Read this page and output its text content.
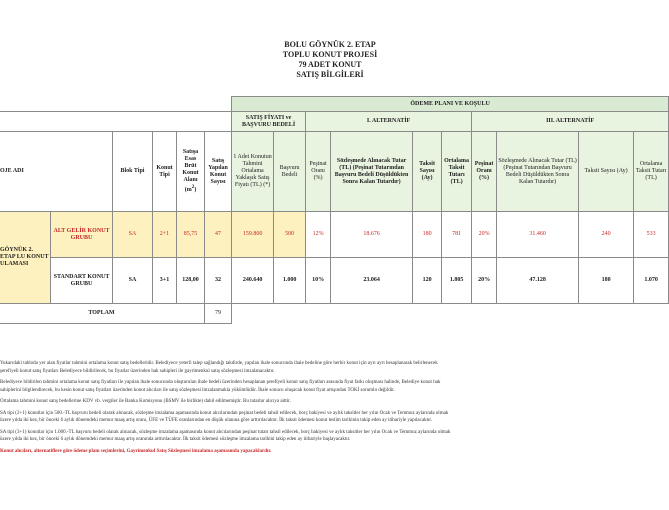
BOLU GÖYNÜK 2. ETAP
TOPLU KONUT PROJESİ
79 ADET KONUT
SATIŞ BİLGİLERİ
						ÖDEME PLANI VE KOŞULU									
						SATIŞ FİYATI ve BAŞVURU BEDELİ		I. ALTERNATİF				III. ALTERNATİF			
OJE ADI		Blok Tipi	Konut Tipi	Satışa Esas Brüt Konut Alanı $(m^2)$	Satış Yapılan Konut Sayısı	1 Adet Konutun Tahmini Ortalama Yaklaşık Satış Fiyatı (TL) (*)	Başvuru Bedeli	Peşinat Oranı (%)	Sözleşmede Alınacak Tutar (TL) (Peşinat Tutarından Başvuru Bedeli Düşüldükten Sonra Kalan Tutardır)	Taksit Sayısı (Ay)	Ortalama Taksit Tutarı (TL)	Peşinat Oranı (%)	Sözleşmede Alınacak Tutar (TL) (Peşinat Tutarından Başvuru Bedeli Düşüldükten Sonra Kalan Tutardır)	Taksit Sayısı (Ay)	Ortalama Taksit Tutarı (TL)
GÖYNÜK 2. ETAP LU KONUT ULAMASI	ALT GELİR KONUT GRUBU	SA	2+1	85,75	47	159.800	500	12%	18.676	180	781	20%	31.460	240	533
	STANDART KONUT GRUBU	SA	3+1	128,00	32	240.640	1.000	10%	23.064	120	1.805	20%	47.128	180	1.070
TOPLAM					79										

Yukarıdaki tabloda yer alan fiyatlar tahmini ortalama konut satış bedelleridir. Belediyece yeterli talep sağlandığı takdirde, yapılan ihale sonucunda ihale bedeline göre herbir konut için ayrı ayrı hesaplanarak belirlenecek
şerefiyeli konut satış fiyatları Belediyece bildirilecek, bu fiyatlar üzerinden hak sahipleri ile gayrimenkul satış sözleşmesi imzalanacaktır.

Belediyece bildirilen tahmini ortalama konut satış fiyatları ile yapılan ihale sonucunda oluşturulan ihale bedeli üzerinden hesaplanan şerefiyeli konut satış fiyatları arasında fiyat farkı oluşması halinde, Belediye konut hak
sahiplerini bilgilendirecek, bu kesin konut satış fiyatları üzerinden konut alıcıları ile satış sözleşmesi imzalanmakla yükümlüdür. İhale sonucu oluşacak konut fiyat artışından TOKİ sorumlu değildir.

Ortalama tahmini konut satış bedellerine KDV vb. vergiler ile Banka Komisyonu (BSMV ile birlikte) dahil edilmemiştir. Bu tutarlar alıcıya aittir.

SA tipi (2+1) konutlar için 500.-TL başvuru bedeli olarak alınacak, sözleşme imzalama aşamasında konut alıcılarından peşinat bedeli tahsil edilecek, borç bakiyesi ve aylık taksitler her yılın Ocak ve Temmuz aylarında olmak
üzere yılda iki kez, bir önceki 6 aylık dönemdeki memur maaş artış oranı, ÜFE ve TÜFE oranlarından en düşük olanına göre arttırılacaktır. İlk taksit ödemesi konut teslim tarihinin takip eden ay itibariyle yapılacaktır.

SA tipi (3+1) konutlar için 1.000.-TL başvuru bedeli olarak alınacak, sözleşme imzalama aşamasında konut alıcılarından peşinat tutarı tahsil edilecek, borç bakiyesi ve aylık taksitler her yılın Ocak ve Temmuz aylarında olmak
üzere yılda iki kez, bir önceki 6 aylık dönemdeki memur maaş artış oranında arttırılacaktır. İlk taksit ödemesi sözleşme imzalama tarihini takip eden ay itibariyle başlayacaktır.

Konut alıcıları, alternatiflere göre ödeme planı seçimlerini, Gayrimenkul Satış Sözleşmesi imzalama aşamasında yapacaklardır.
